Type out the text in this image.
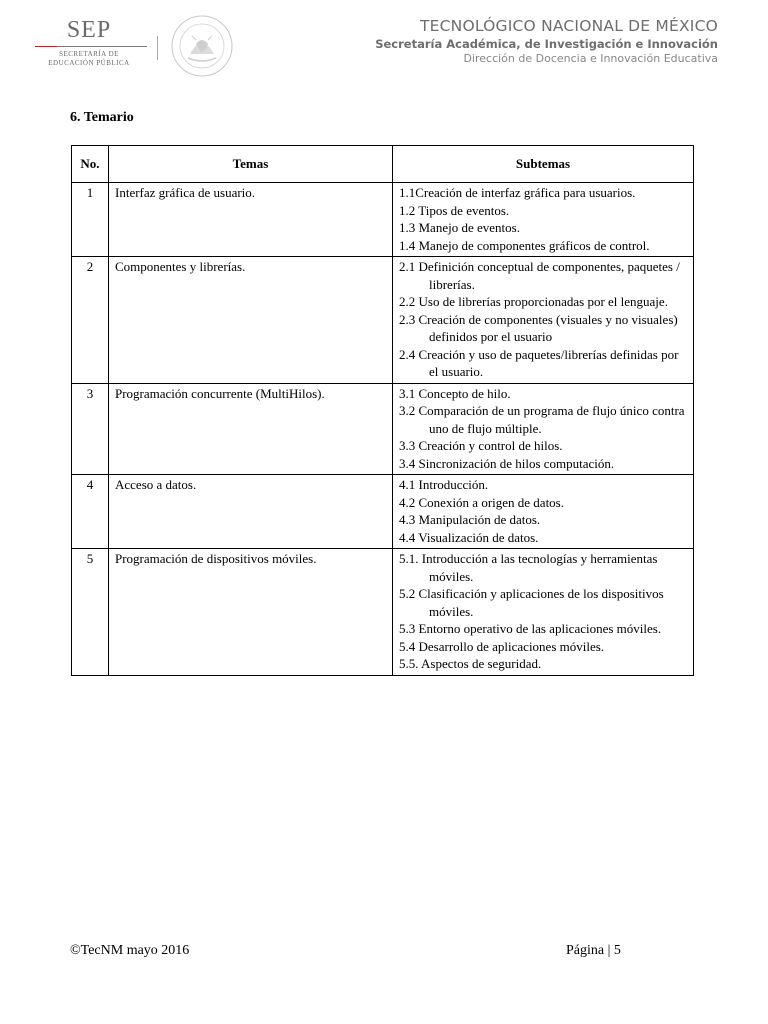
SEP
SECRETARÍA DE
EDUCACIÓN PÚBLICA
TECNOLÓGICO NACIONAL DE MÉXICO
Secretaría Académica, de Investigación e Innovación
Dirección de Docencia e Innovación Educativa
6. Temario
No.	Temas	Subtemas
1	Interfaz gráfica de usuario.	1.1Creación de interfaz gráfica para usuarios.
1.2 Tipos de eventos.
1.3 Manejo de eventos.
1.4 Manejo de componentes gráficos de control.

2	Componentes y librerías.	2.1 Definición conceptual de componentes, paquetes / librerías.
2.2 Uso de librerías proporcionadas por el lenguaje.
2.3 Creación de componentes (visuales y no visuales) definidos por el usuario
2.4 Creación y uso de paquetes/librerías definidas por el usuario.

3	Programación concurrente (MultiHilos).	3.1 Concepto de hilo.
3.2 Comparación de un programa de flujo único contra uno de flujo múltiple.
3.3 Creación y control de hilos.
3.4 Sincronización de hilos computación.

4	Acceso a datos.	4.1 Introducción.
4.2 Conexión a origen de datos.
4.3 Manipulación de datos.
4.4 Visualización de datos.

5	Programación de dispositivos móviles.	5.1. Introducción a las tecnologías y herramientas móviles.
5.2 Clasificación y aplicaciones de los dispositivos móviles.
5.3 Entorno operativo de las aplicaciones móviles.
5.4 Desarrollo de aplicaciones móviles.
5.5. Aspectos de seguridad.
©TecNM mayo 2016	Página | 5
